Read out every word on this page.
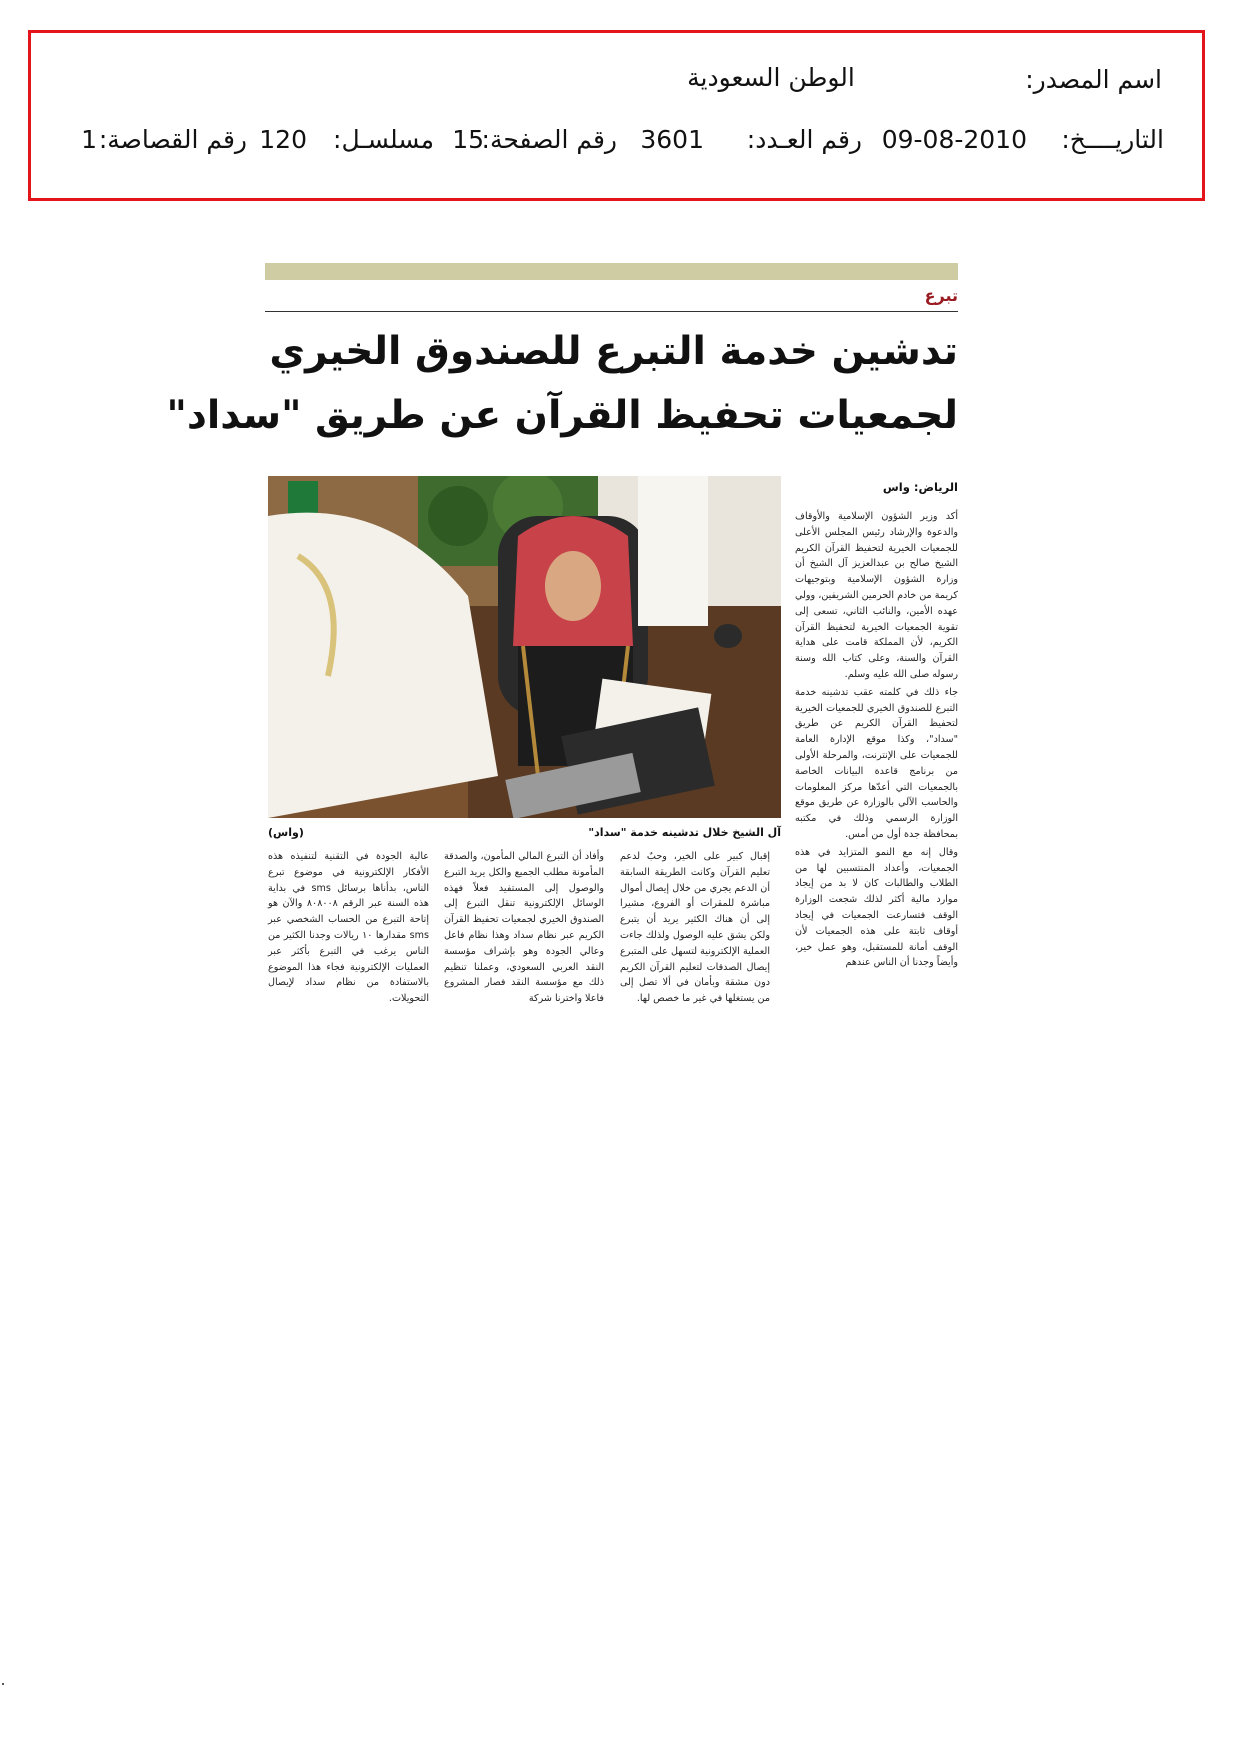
اسم المصدر:
الوطن السعودية
التاريــــخ:
09-08-2010
رقم العـدد:
3601
رقم الصفحة:
15
مسلسـل:
120
رقم القصاصة:
1
تبرع
تدشين خدمة التبرع للصندوق الخيري
لجمعيات تحفيظ القرآن عن طريق "سداد"
الرياض: واس
آل الشيخ خلال تدشينه خدمة "سداد"
(واس)

أكد وزير الشؤون الإسلامية والأوقاف والدعوة والإرشاد رئيس المجلس الأعلى للجمعيات الخيرية لتحفيظ القرآن الكريم الشيخ صالح بن عبدالعزيز آل الشيخ أن وزارة الشؤون الإسلامية وبتوجيهات كريمة من خادم الحرمين الشريفين، وولي عهده الأمين، والنائب الثاني، تسعى إلى تقوية الجمعيات الخيرية لتحفيظ القرآن الكريم، لأن المملكة قامت على هداية القرآن والسنة، وعلى كتاب الله وسنة رسوله صلى الله عليه وسلم.

جاء ذلك في كلمته عقب تدشينه خدمة التبرع للصندوق الخيري للجمعيات الخيرية لتحفيظ القرآن الكريم عن طريق "سداد"، وكذا موقع الإدارة العامة للجمعيات على الإنترنت، والمرحلة الأولى من برنامج قاعدة البيانات الخاصة بالجمعيات التي أعدّها مركز المعلومات والحاسب الآلي بالوزارة عن طريق موقع الوزارة الرسمي وذلك في مكتبه بمحافظة جدة أول من أمس.

وقال إنه مع النمو المتزايد في هذه الجمعيات، وأعداد المنتسبين لها من الطلاب والطالبات كان لا بد من إيجاد موارد مالية أكثر لذلك شجعت الوزارة الوقف فتسارعت الجمعيات في إيجاد أوقاف ثابتة على هذه الجمعيات لأن الوقف أمانة للمستقبل، وهو عمل خير، وأيضاً وجدنا أن الناس عندهم

إقبال كبير على الخير، وحبٌ لدعم تعليم القرآن وكانت الطريقة السابقة أن الدعم يجري من خلال إيصال أموال مباشرة للمقرات أو الفروع، مشيرا إلى أن هناك الكثير يريد أن يتبرع ولكن يشق عليه الوصول ولذلك جاءت العملية الإلكترونية لتسهل على المتبرع إيصال الصدقات لتعليم القرآن الكريم دون مشقة وبأمان في ألا تصل إلى من يستغلها في غير ما خصص لها.

وأفاد أن التبرع المالي المأمون، والصدقة المأمونة مطلب الجميع والكل يريد التبرع والوصول إلى المستفيد فعلاً فهذه الوسائل الإلكترونية تنقل التبرع إلى الصندوق الخيري لجمعيات تحفيظ القرآن الكريم عبر نظام سداد وهذا نظام فاعل وعالي الجودة وهو بإشراف مؤسسة النقد العربي السعودي، وعملنا تنظيم ذلك مع مؤسسة النقد فصار المشروع فاعلا واخترنا شركة

عالية الجودة في التقنية لتنفيذه هذه الأفكار الإلكترونية في موضوع تبرع الناس، بدأناها برسائل sms في بداية هذه السنة عبر الرقم ٨٠٨٠٠٨ والآن هو إتاحة التبرع من الحساب الشخصي عبر sms مقدارها ١٠ ريالات وجدنا الكثير من الناس يرغب في التبرع بأكثر عبر العمليات الإلكترونية فجاء هذا الموضوع بالاستفادة من نظام سداد لإيصال التحويلات.
